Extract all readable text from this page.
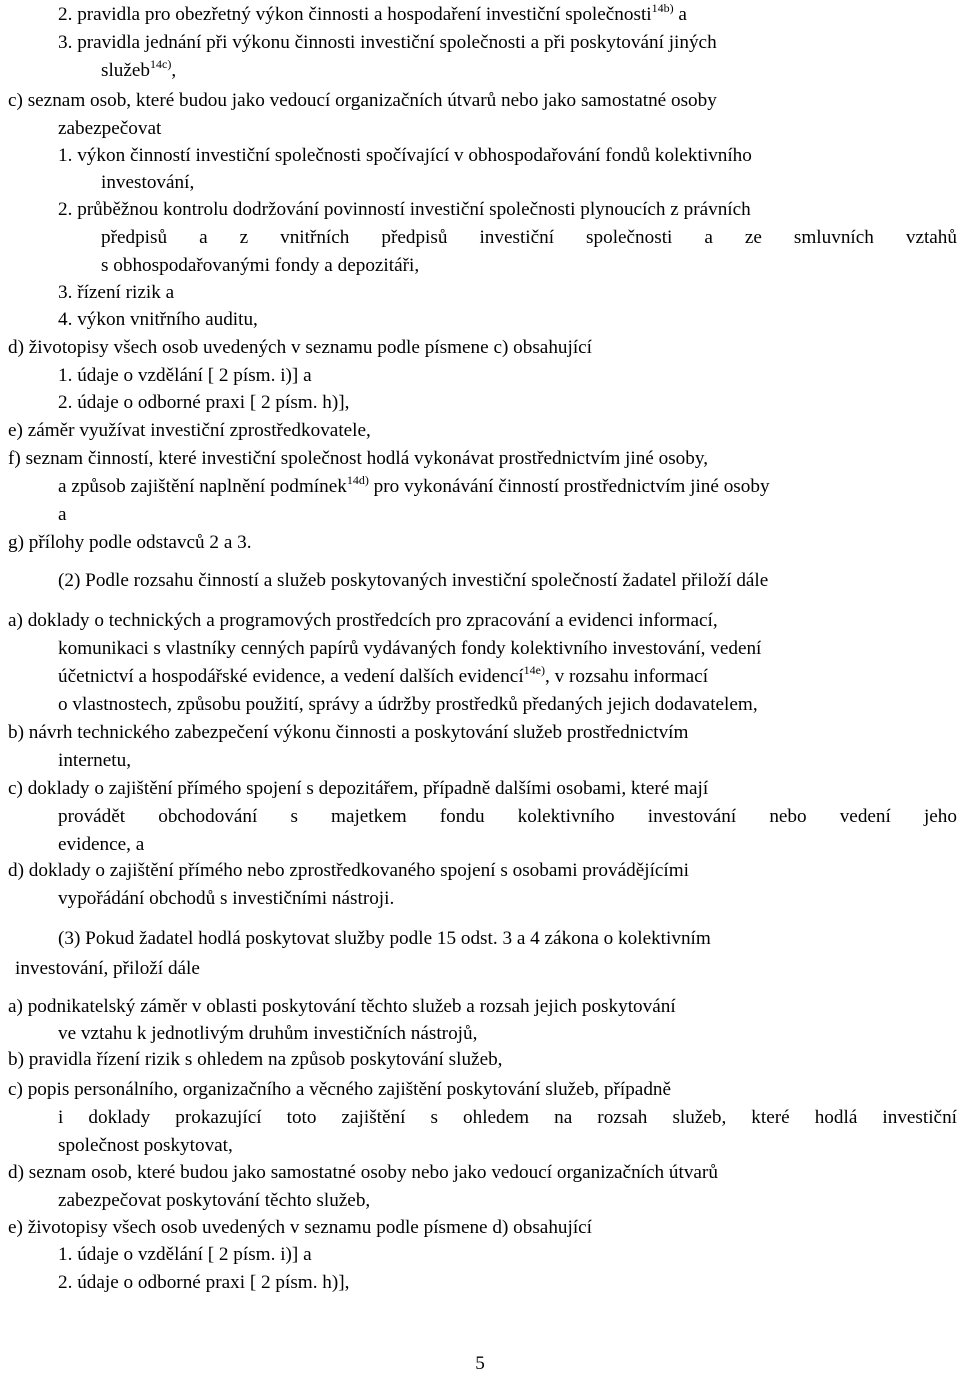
2. pravidla pro obezřetný výkon činnosti a hospodaření investiční společnosti$^{14b)}$ a
3. pravidla jednání při výkonu činnosti investiční společnosti a při poskytování jiných
služeb$^{14c)}$,
c) seznam osob, které budou jako vedoucí organizačních útvarů nebo jako samostatné osoby
zabezpečovat
1. výkon činností investiční společnosti spočívající v obhospodařování fondů kolektivního
investování,
2. průběžnou kontrolu dodržování povinností investiční společnosti plynoucích z právních
předpisů a z vnitřních předpisů investiční společnosti a ze smluvních vztahů
s obhospodařovanými fondy a depozitáři,
3. řízení rizik a
4. výkon vnitřního auditu,
d) životopisy všech osob uvedených v seznamu podle písmene c) obsahující
1. údaje o vzdělání [ 2 písm. i)] a
2. údaje o odborné praxi [ 2 písm. h)],
e) záměr využívat investiční zprostředkovatele,
f) seznam činností, které investiční společnost hodlá vykonávat prostřednictvím jiné osoby,
a způsob zajištění naplnění podmínek$^{14d)}$ pro vykonávání činností prostřednictvím jiné osoby
a
g) přílohy podle odstavců 2 a 3.
(2) Podle rozsahu činností a služeb poskytovaných investiční společností žadatel přiloží dále
a) doklady o technických a programových prostředcích pro zpracování a evidenci informací,
komunikaci s vlastníky cenných papírů vydávaných fondy kolektivního investování, vedení
účetnictví a hospodářské evidence, a vedení dalších evidencí$^{14e)}$, v rozsahu informací
o vlastnostech, způsobu použití, správy a údržby prostředků předaných jejich dodavatelem,
b) návrh technického zabezpečení výkonu činnosti a poskytování služeb prostřednictvím
internetu,
c) doklady o zajištění přímého spojení s depozitářem, případně dalšími osobami, které mají
provádět obchodování s majetkem fondu kolektivního investování nebo vedení jeho
evidence, a
d) doklady o zajištění přímého nebo zprostředkovaného spojení s osobami provádějícími
vypořádání obchodů s investičními nástroji.
(3) Pokud žadatel hodlá poskytovat služby podle 15 odst. 3 a 4 zákona o kolektivním
investování, přiloží dále
a) podnikatelský záměr v oblasti poskytování těchto služeb a rozsah jejich poskytování
ve vztahu k jednotlivým druhům investičních nástrojů,
b) pravidla řízení rizik s ohledem na způsob poskytování služeb,
c) popis personálního, organizačního a věcného zajištění poskytování služeb, případně
i doklady prokazující toto zajištění s ohledem na rozsah služeb, které hodlá investiční
společnost poskytovat,
d) seznam osob, které budou jako samostatné osoby nebo jako vedoucí organizačních útvarů
zabezpečovat poskytování těchto služeb,
e) životopisy všech osob uvedených v seznamu podle písmene d) obsahující
1. údaje o vzdělání [ 2 písm. i)] a
2. údaje o odborné praxi [ 2 písm. h)],
5
